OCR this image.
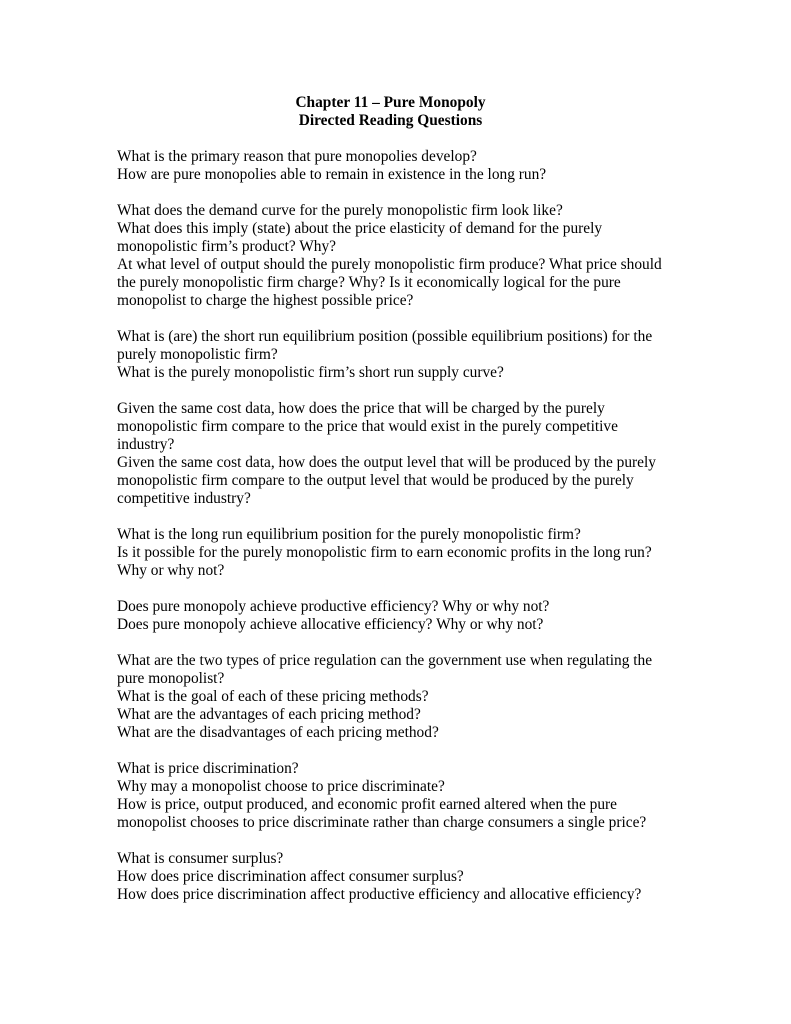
Chapter 11 – Pure Monopoly
Directed Reading Questions
What is the primary reason that pure monopolies develop?
How are pure monopolies able to remain in existence in the long run?
What does the demand curve for the purely monopolistic firm look like?
What does this imply (state) about the price elasticity of demand for the purely monopolistic firm’s product? Why?
At what level of output should the purely monopolistic firm produce? What price should the purely monopolistic firm charge? Why? Is it economically logical for the pure monopolist to charge the highest possible price?
What is (are) the short run equilibrium position (possible equilibrium positions) for the purely monopolistic firm?
What is the purely monopolistic firm’s short run supply curve?
Given the same cost data, how does the price that will be charged by the purely monopolistic firm compare to the price that would exist in the purely competitive industry?
Given the same cost data, how does the output level that will be produced by the purely monopolistic firm compare to the output level that would be produced by the purely competitive industry?
What is the long run equilibrium position for the purely monopolistic firm?
Is it possible for the purely monopolistic firm to earn economic profits in the long run? Why or why not?
Does pure monopoly achieve productive efficiency? Why or why not?
Does pure monopoly achieve allocative efficiency? Why or why not?
What are the two types of price regulation can the government use when regulating the pure monopolist?
What is the goal of each of these pricing methods?
What are the advantages of each pricing method?
What are the disadvantages of each pricing method?
What is price discrimination?
Why may a monopolist choose to price discriminate?
How is price, output produced, and economic profit earned altered when the pure monopolist chooses to price discriminate rather than charge consumers a single price?
What is consumer surplus?
How does price discrimination affect consumer surplus?
How does price discrimination affect productive efficiency and allocative efficiency?
